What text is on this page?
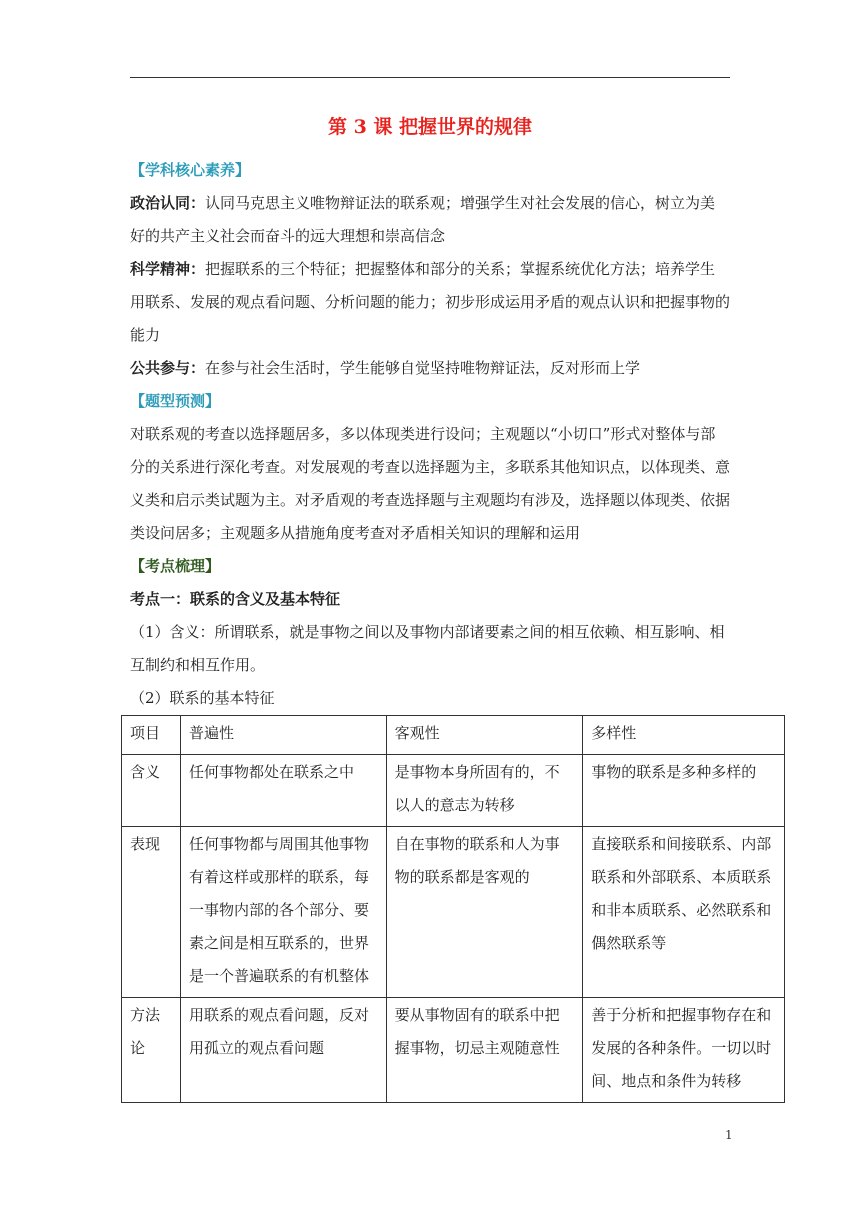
第 3 课 把握世界的规律

【学科核心素养】

政治认同：认同马克思主义唯物辩证法的联系观；增强学生对社会发展的信心，树立为美好的共产主义社会而奋斗的远大理想和崇高信念

科学精神：把握联系的三个特征；把握整体和部分的关系；掌握系统优化方法；培养学生用联系、发展的观点看问题、分析问题的能力；初步形成运用矛盾的观点认识和把握事物的能力

公共参与：在参与社会生活时，学生能够自觉坚持唯物辩证法，反对形而上学

【题型预测】

对联系观的考查以选择题居多，多以体现类进行设问；主观题以“小切口”形式对整体与部分的关系进行深化考查。对发展观的考查以选择题为主，多联系其他知识点，以体现类、意义类和启示类试题为主。对矛盾观的考查选择题与主观题均有涉及，选择题以体现类、依据类设问居多；主观题多从措施角度考查对矛盾相关知识的理解和运用

【考点梳理】

考点一：联系的含义及基本特征

（1）含义：所谓联系，就是事物之间以及事物内部诸要素之间的相互依赖、相互影响、相互制约和相互作用。

（2）联系的基本特征

项目	普遍性	客观性	多样性
含义	任何事物都处在联系之中	是事物本身所固有的，不以人的意志为转移	事物的联系是多种多样的
表现	任何事物都与周围其他事物有着这样或那样的联系，每一事物内部的各个部分、要素之间是相互联系的，世界是一个普遍联系的有机整体	自在事物的联系和人为事物的联系都是客观的	直接联系和间接联系、内部联系和外部联系、本质联系和非本质联系、必然联系和偶然联系等
方法论	用联系的观点看问题，反对用孤立的观点看问题	要从事物固有的联系中把握事物，切忌主观随意性	善于分析和把握事物存在和发展的各种条件。一切以时间、地点和条件为转移
1
